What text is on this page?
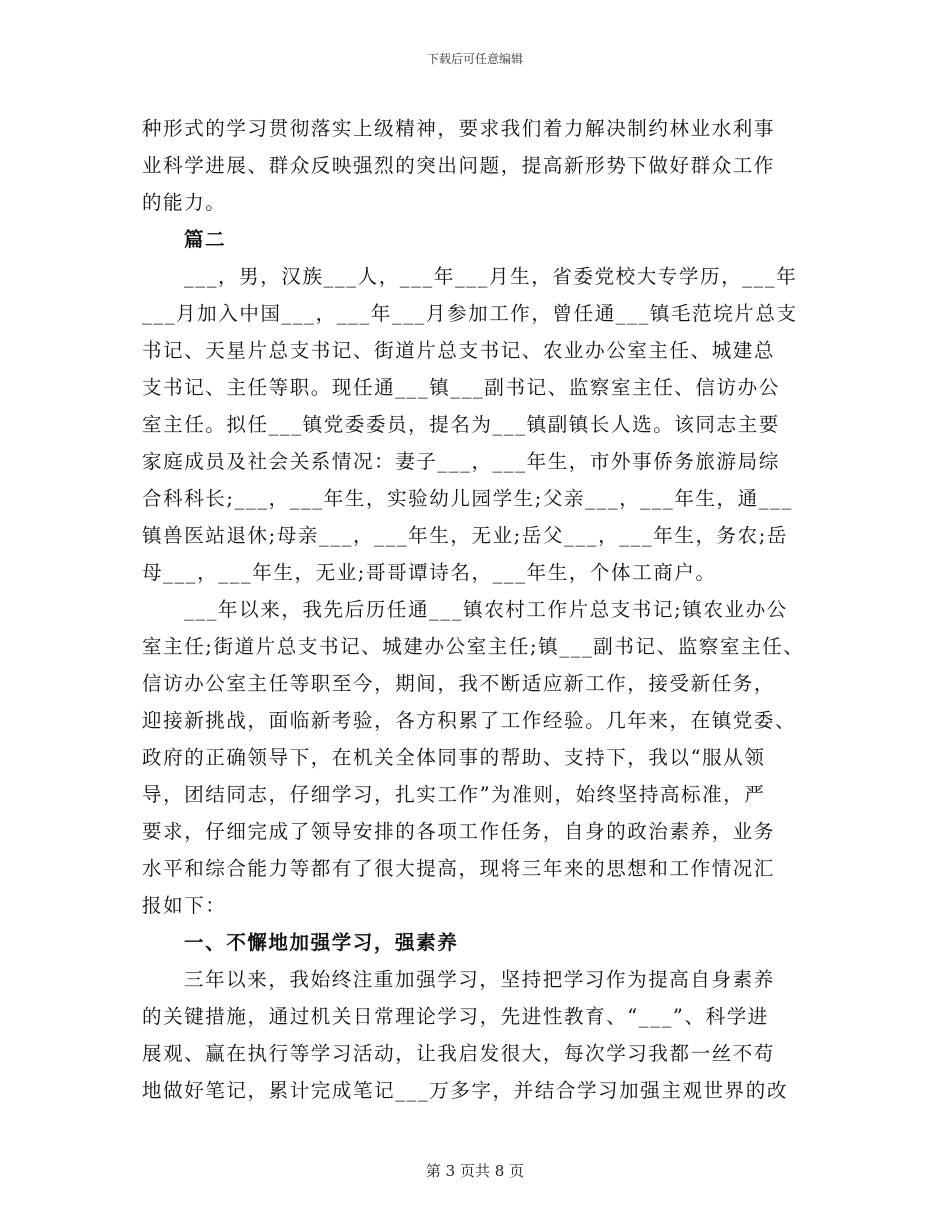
下载后可任意编辑
种形式的学习贯彻落实上级精神，要求我们着力解决制约林业水利事
业科学进展、群众反映强烈的突出问题，提高新形势下做好群众工作
的能力。
篇二
___，男，汉族___人，___年___月生，省委党校大专学历，___年
___月加入中国___，___年___月参加工作，曾任通___镇毛范垸片总支
书记、天星片总支书记、街道片总支书记、农业办公室主任、城建总
支书记、主任等职。现任通___镇___副书记、监察室主任、信访办公
室主任。拟任___镇党委委员，提名为___镇副镇长人选。该同志主要
家庭成员及社会关系情况：妻子___，___年生，市外事侨务旅游局综
合科科长;___，___年生，实验幼儿园学生;父亲___，___年生，通___
镇兽医站退休;母亲___，___年生，无业;岳父___，___年生，务农;岳
母___，___年生，无业;哥哥谭诗名，___年生，个体工商户。
___年以来，我先后历任通___镇农村工作片总支书记;镇农业办公
室主任;街道片总支书记、城建办公室主任;镇___副书记、监察室主任、
信访办公室主任等职至今，期间，我不断适应新工作，接受新任务，
迎接新挑战，面临新考验，各方积累了工作经验。几年来，在镇党委、
政府的正确领导下，在机关全体同事的帮助、支持下，我以“服从领
导，团结同志，仔细学习，扎实工作”为准则，始终坚持高标准，严
要求，仔细完成了领导安排的各项工作任务，自身的政治素养，业务
水平和综合能力等都有了很大提高，现将三年来的思想和工作情况汇
报如下：
一、不懈地加强学习，强素养
三年以来，我始终注重加强学习，坚持把学习作为提高自身素养
的关键措施，通过机关日常理论学习，先进性教育、“___”、科学进
展观、赢在执行等学习活动，让我启发很大，每次学习我都一丝不苟
地做好笔记，累计完成笔记___万多字，并结合学习加强主观世界的改
第 3 页共 8 页
